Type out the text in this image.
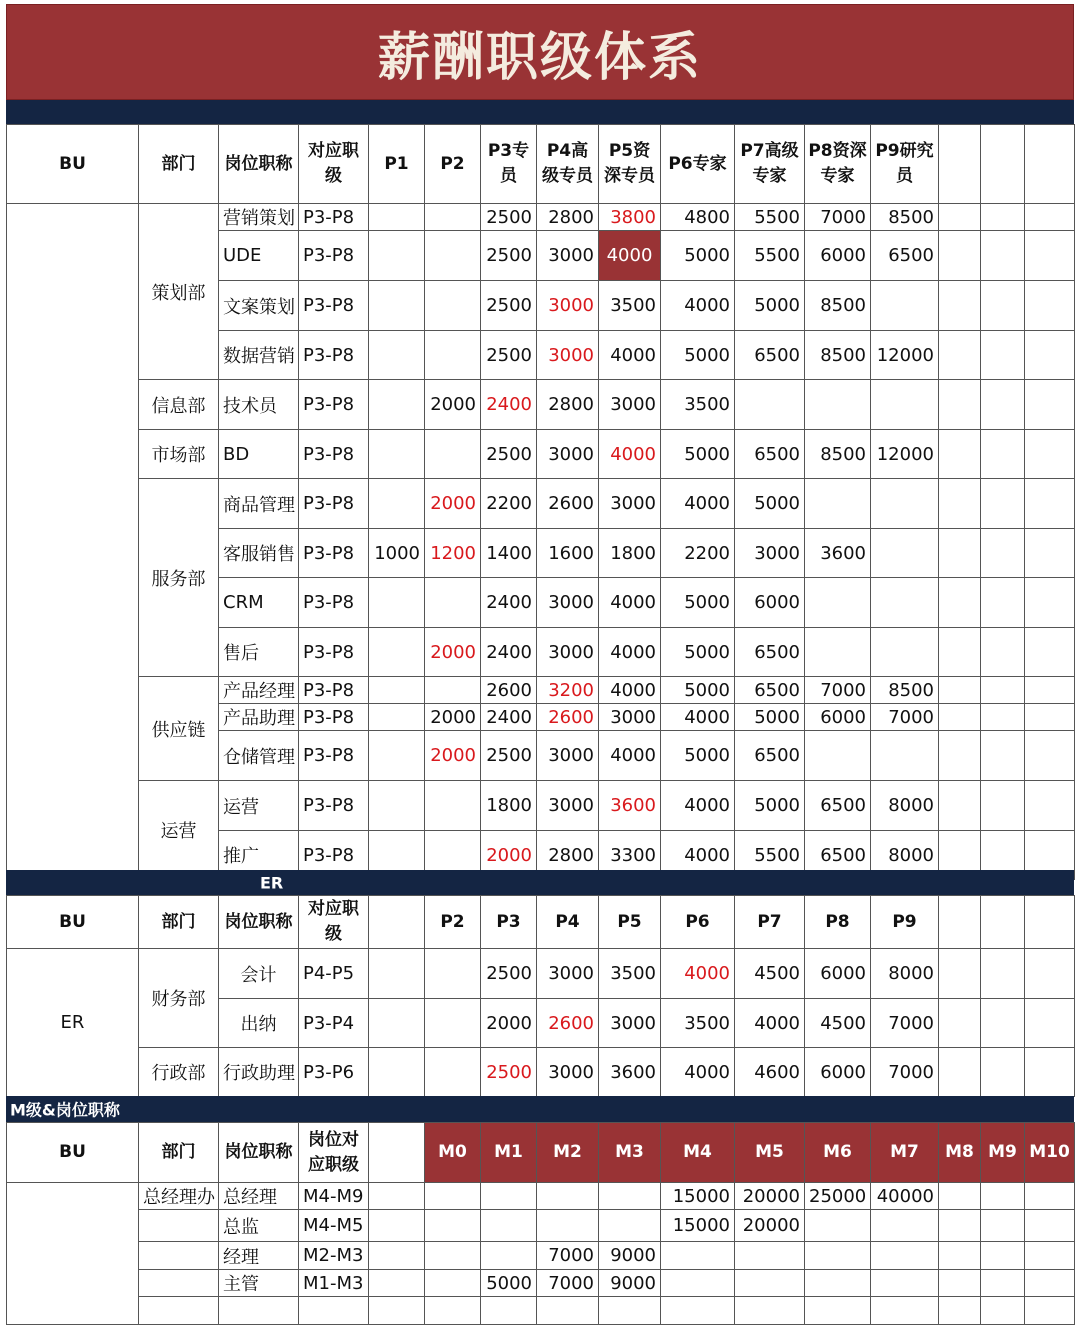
薪酬职级体系
BU	部门	岗位职称	对应职级	P1	P2	P3专员	P4高级专员	P5资深专员	P6专家	P7高级专家	P8资深专家	P9研究员			
	策划部	营销策划	P3-P8			2500	2800	3800	4800	5500	7000	8500			
		UDE	P3-P8			2500	3000	4000	5000	5500	6000	6500			
		文案策划	P3-P8			2500	3000	3500	4000	5000	8500				
		数据营销	P3-P8			2500	3000	4000	5000	6500	8500	12000			
	信息部	技术员	P3-P8		2000	2400	2800	3000	3500						
	市场部	BD	P3-P8			2500	3000	4000	5000	6500	8500	12000			
	服务部	商品管理	P3-P8		2000	2200	2600	3000	4000	5000					
		客服销售	P3-P8	1000	1200	1400	1600	1800	2200	3000	3600				
		CRM	P3-P8			2400	3000	4000	5000	6000					
		售后	P3-P8		2000	2400	3000	4000	5000	6500					
	供应链	产品经理	P3-P8			2600	3200	4000	5000	6500	7000	8500			
		产品助理	P3-P8		2000	2400	2600	3000	4000	5000	6000	7000			
		仓储管理	P3-P8		2000	2500	3000	4000	5000	6500					
	运营	运营	P3-P8			1800	3000	3600	4000	5000	6500	8000			
		推广	P3-P8			2000	2800	3300	4000	5500	6500	8000			
ER
BU	部门	岗位职称	对应职级		P2	P3	P4	P5	P6	P7	P8	P9			
ER	财务部	会计	P4-P5			2500	3000	3500	4000	4500	6000	8000			
		出纳	P3-P4			2000	2600	3000	3500	4000	4500	7000			
	行政部	行政助理	P3-P6			2500	3000	3600	4000	4600	6000	7000			
M级&岗位职称
BU	部门	岗位职称	岗位对应职级		M0	M1	M2	M3	M4	M5	M6	M7	M8	M9	M10
	总经理办	总经理	M4-M9						15000	20000	25000	40000			
		总监	M4-M5						15000	20000					
		经理	M2-M3				7000	9000							
		主管	M1-M3			5000	7000	9000							
